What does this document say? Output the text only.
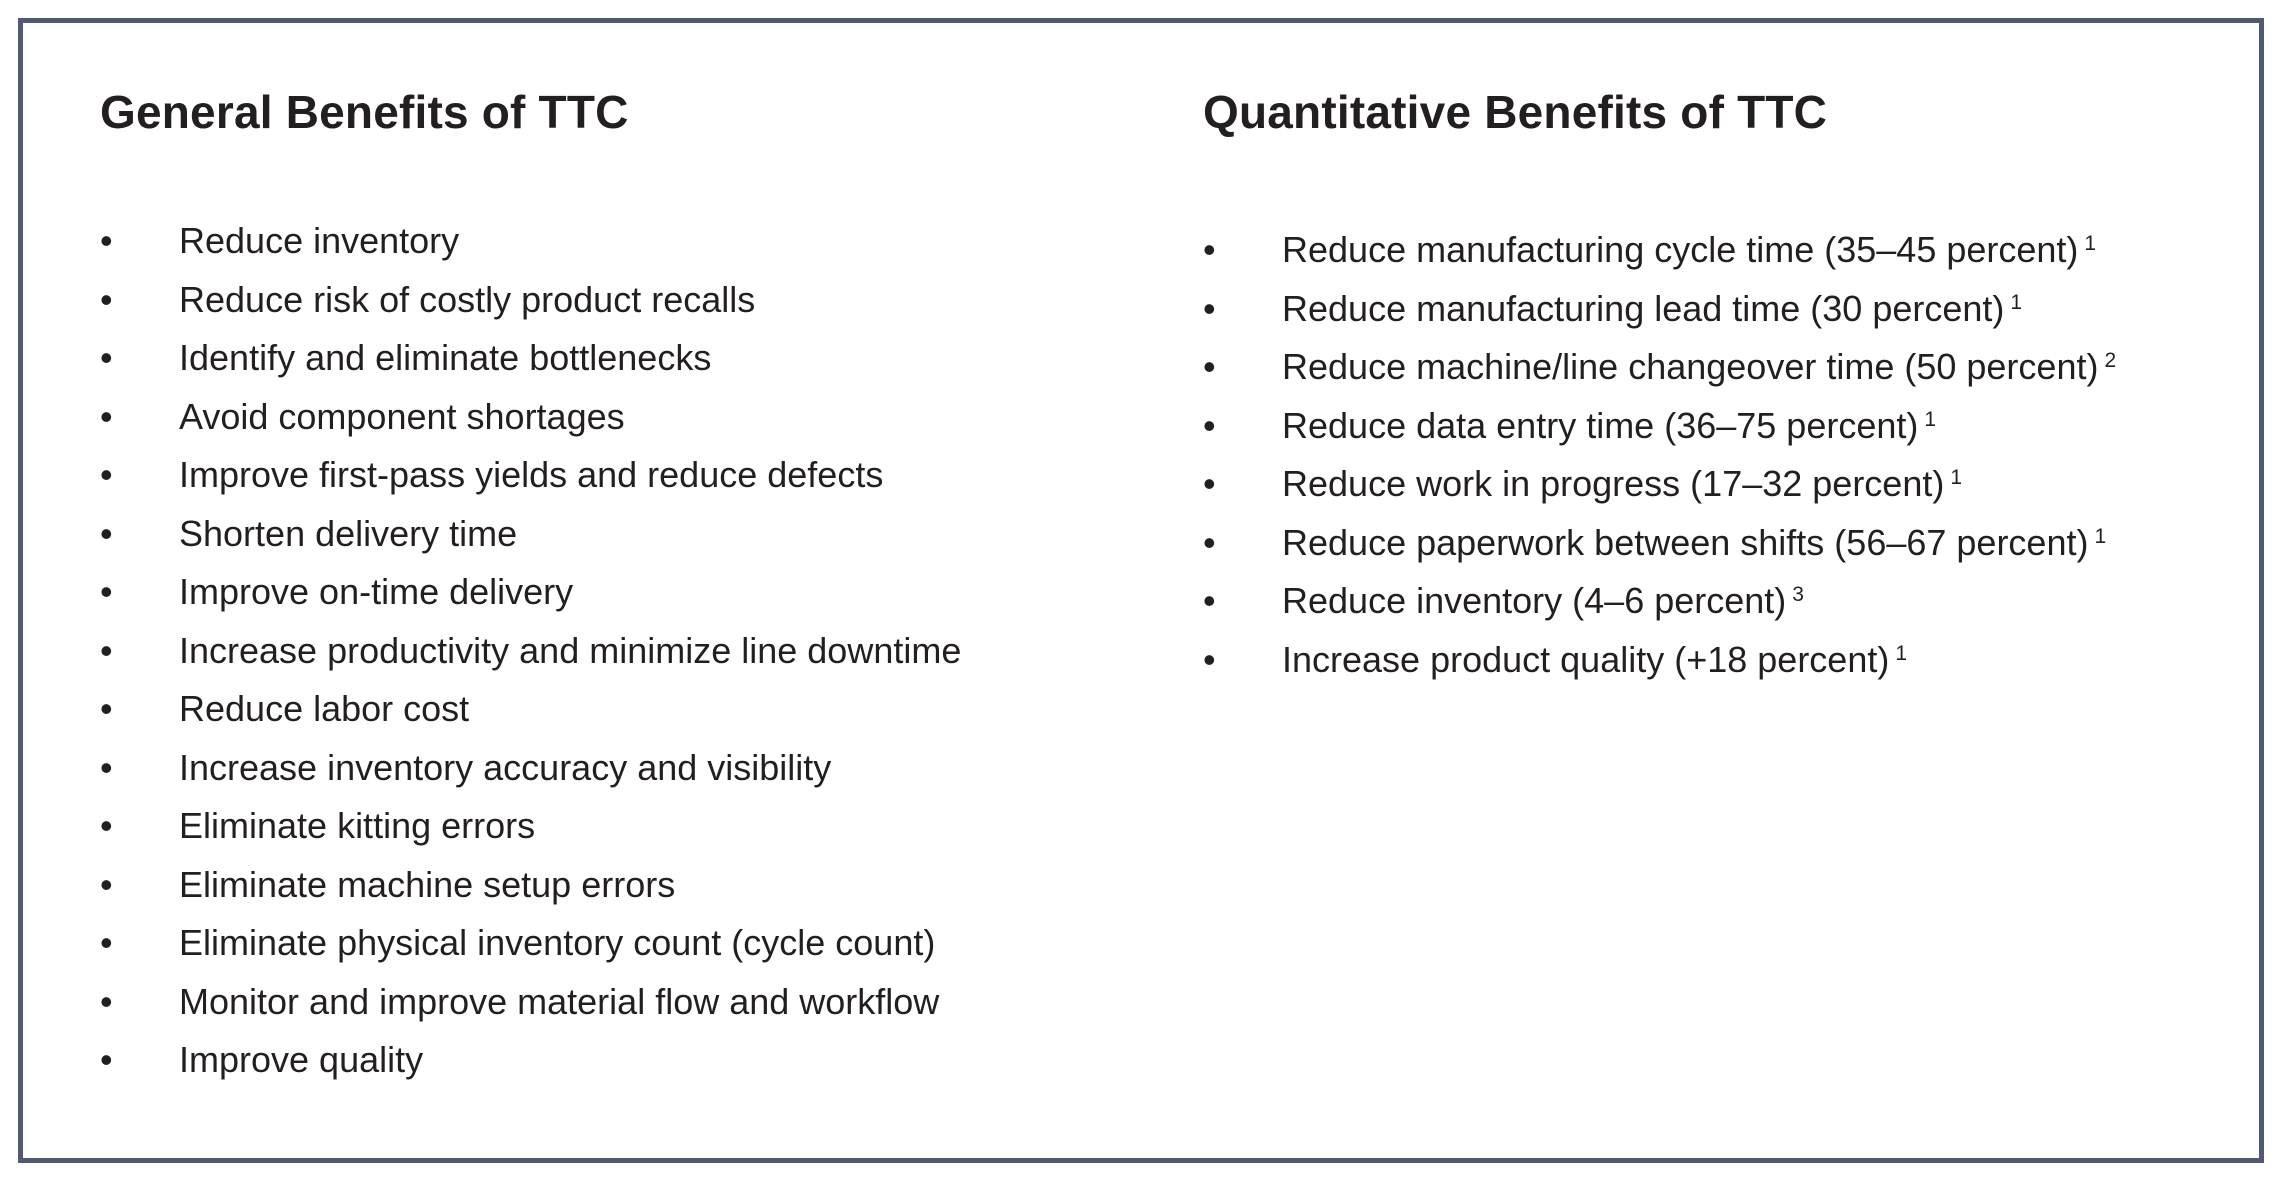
General Benefits of TTC
• Reduce inventory
• Reduce risk of costly product recalls
• Identify and eliminate bottlenecks
• Avoid component shortages
• Improve first-pass yields and reduce defects
• Shorten delivery time
• Improve on-time delivery
• Increase productivity and minimize line downtime
• Reduce labor cost
• Increase inventory accuracy and visibility
• Eliminate kitting errors
• Eliminate machine setup errors
• Eliminate physical inventory count (cycle count)
• Monitor and improve material flow and workflow
• Improve quality
Quantitative Benefits of TTC
• Reduce manufacturing cycle time (35–45 percent) $^1$
• Reduce manufacturing lead time (30 percent) $^1$
• Reduce machine/line changeover time (50 percent) $^2$
• Reduce data entry time (36–75 percent) $^1$
• Reduce work in progress (17–32 percent) $^1$
• Reduce paperwork between shifts (56–67 percent) $^1$
• Reduce inventory (4–6 percent) $^3$
• Increase product quality (+18 percent) $^1$
